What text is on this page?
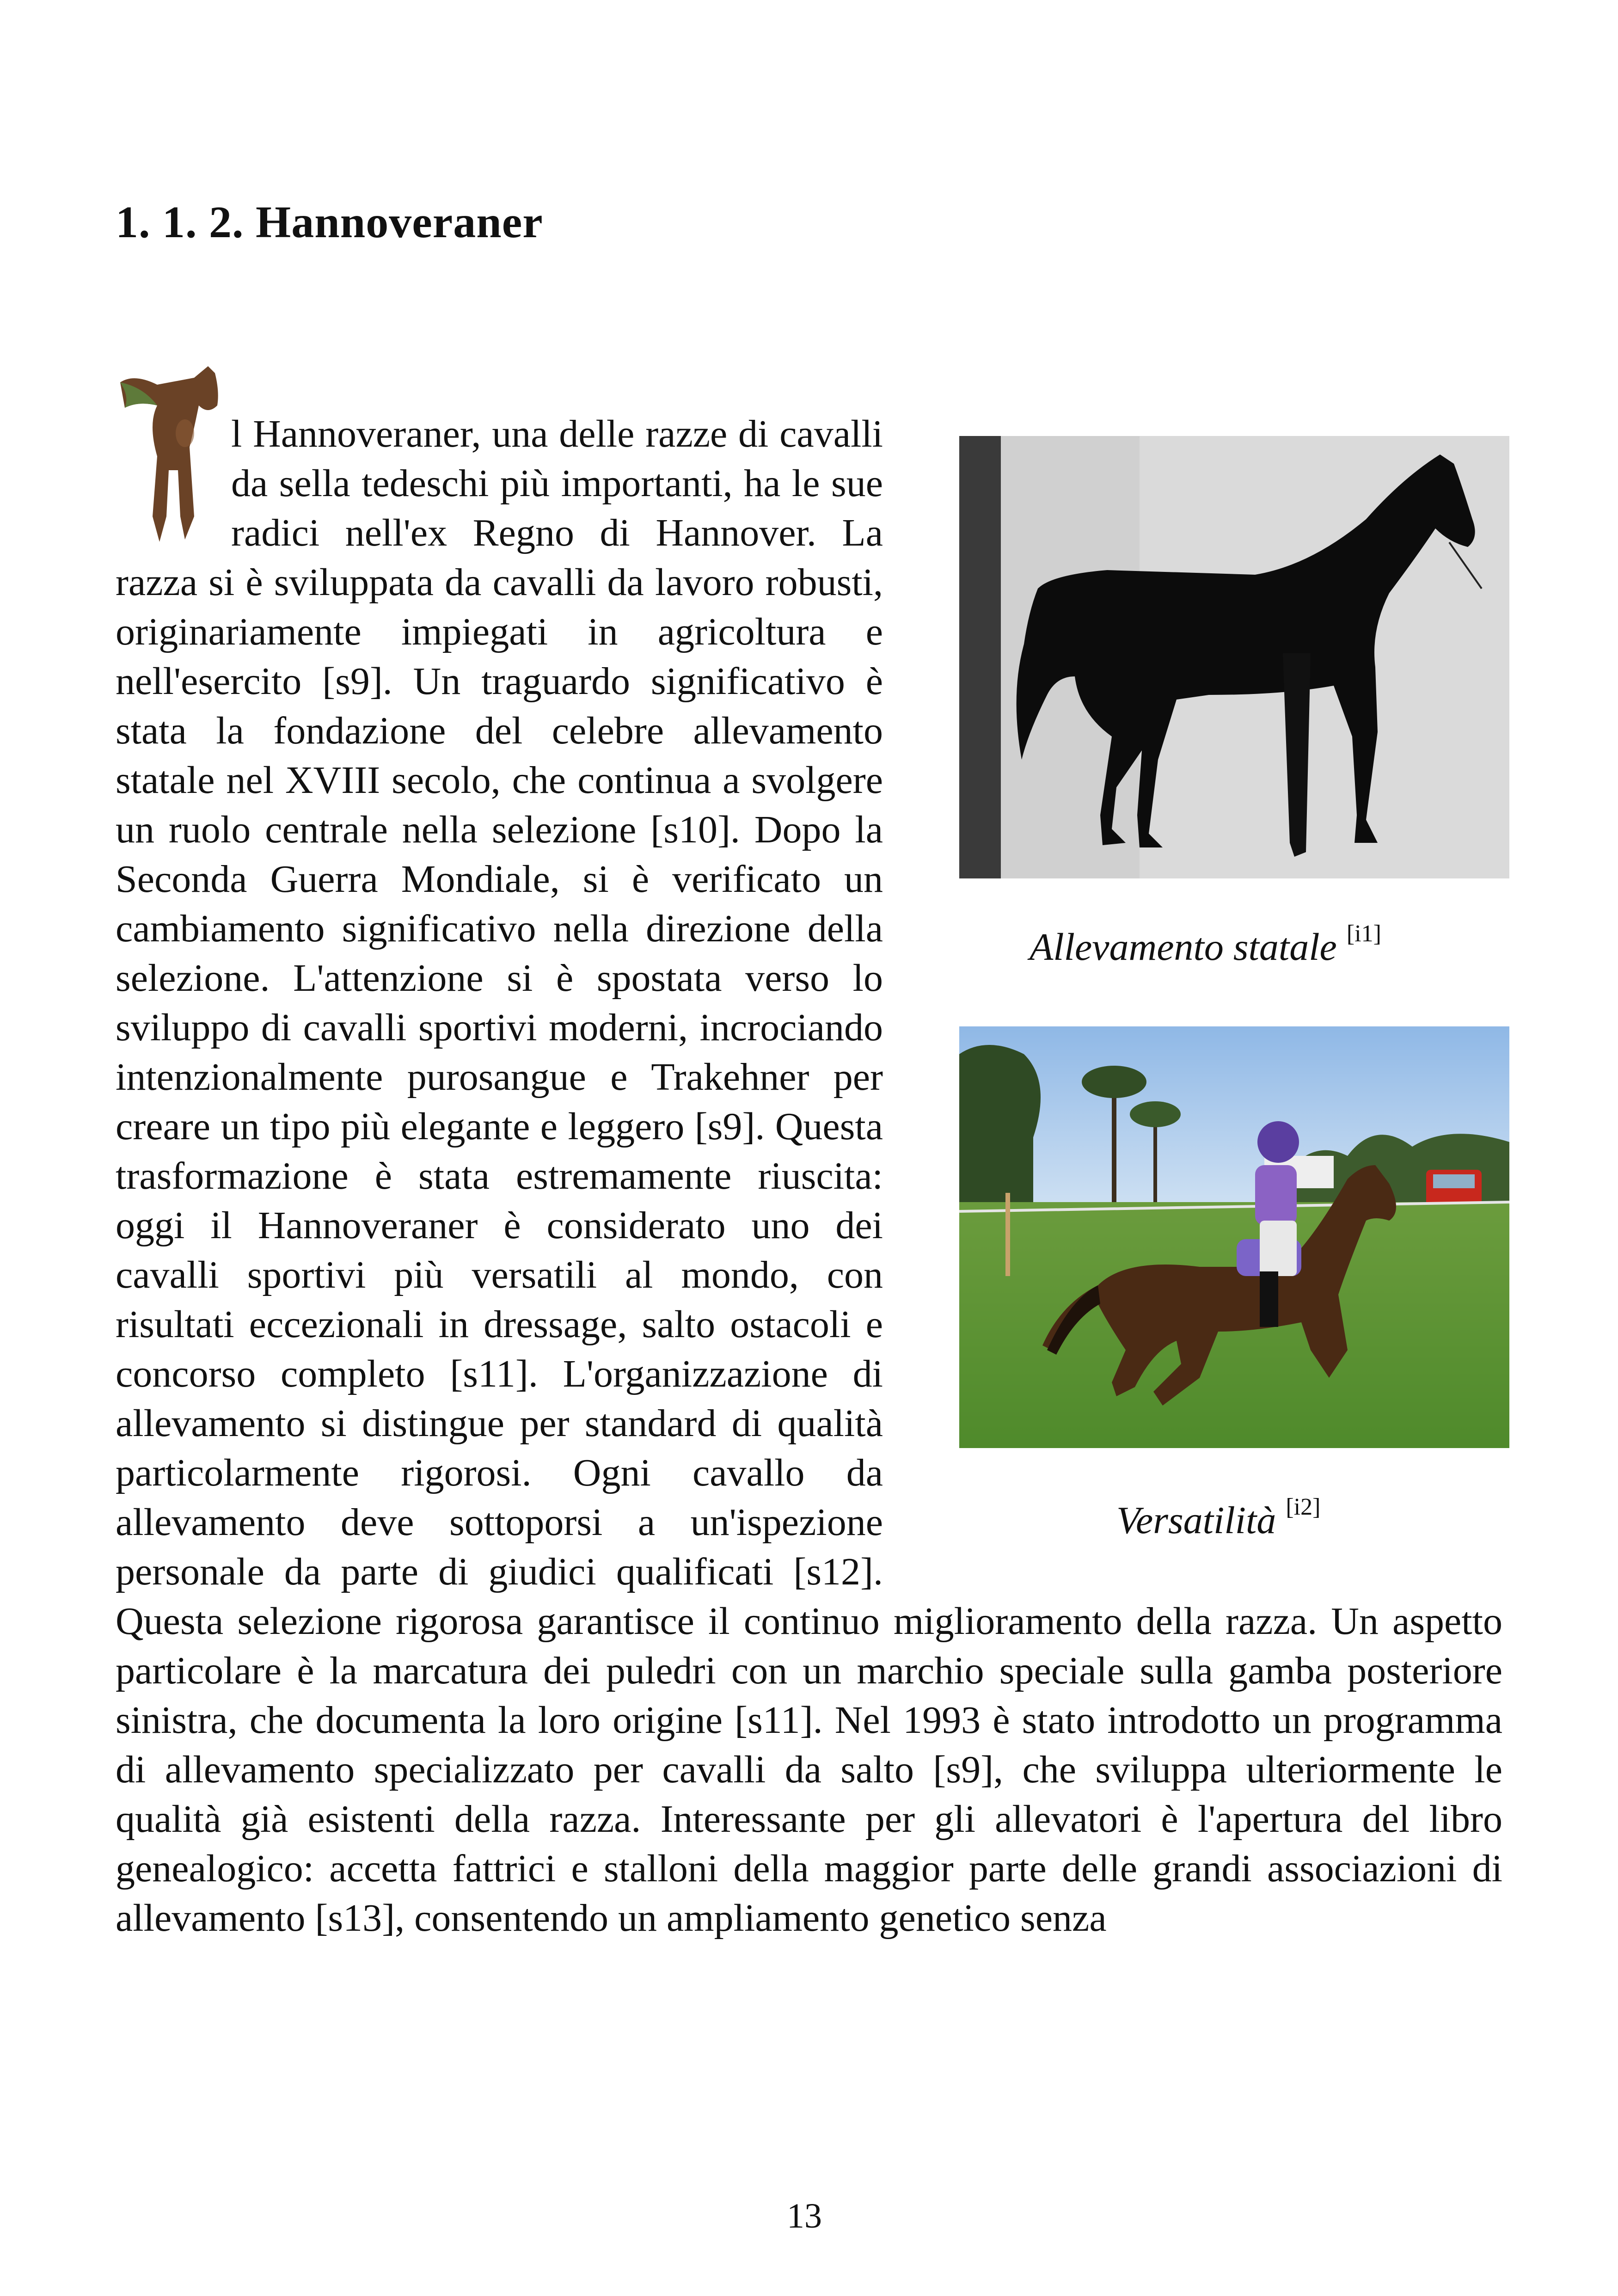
1. 1. 2. Hannoveraner
Allevamento statale [i1]
Versatilità [i2]

l Hannoveraner, una delle razze di cavalli da sella tedeschi più importanti, ha le sue radici nell'ex Regno di Hannover. La razza si è sviluppata da cavalli da lavoro robusti, originariamente impiegati in agricoltura e nell'esercito [s9]. Un traguardo significativo è stata la fondazione del celebre allevamento statale nel XVIII secolo, che continua a svolgere un ruolo centrale nella selezione [s10]. Dopo la Seconda Guerra Mondiale, si è verificato un cambiamento significativo nella direzione della selezione. L'attenzione si è spostata verso lo sviluppo di cavalli sportivi moderni, incrociando intenzionalmente purosangue e Trakehner per creare un tipo più elegante e leggero [s9]. Questa trasformazione è stata estremamente riuscita: oggi il Hannoveraner è considerato uno dei cavalli sportivi più versatili al mondo, con risultati eccezionali in dressage, salto ostacoli e concorso completo [s11]. L'organizzazione di allevamento si distingue per standard di qualità particolarmente rigorosi. Ogni cavallo da allevamento deve sottoporsi a un'ispezione personale da parte di giudici qualificati [s12]. Questa selezione rigorosa garantisce il continuo miglioramento della razza. Un aspetto particolare è la marcatura dei puledri con un marchio speciale sulla gamba posteriore sinistra, che documenta la loro origine [s11]. Nel 1993 è stato introdotto un programma di allevamento specializzato per cavalli da salto [s9], che sviluppa ulteriormente le qualità già esistenti della razza. Interessante per gli allevatori è l'apertura del libro genealogico: accetta fattrici e stalloni della maggior parte delle grandi associazioni di allevamento [s13], consentendo un ampliamento genetico senza

13
